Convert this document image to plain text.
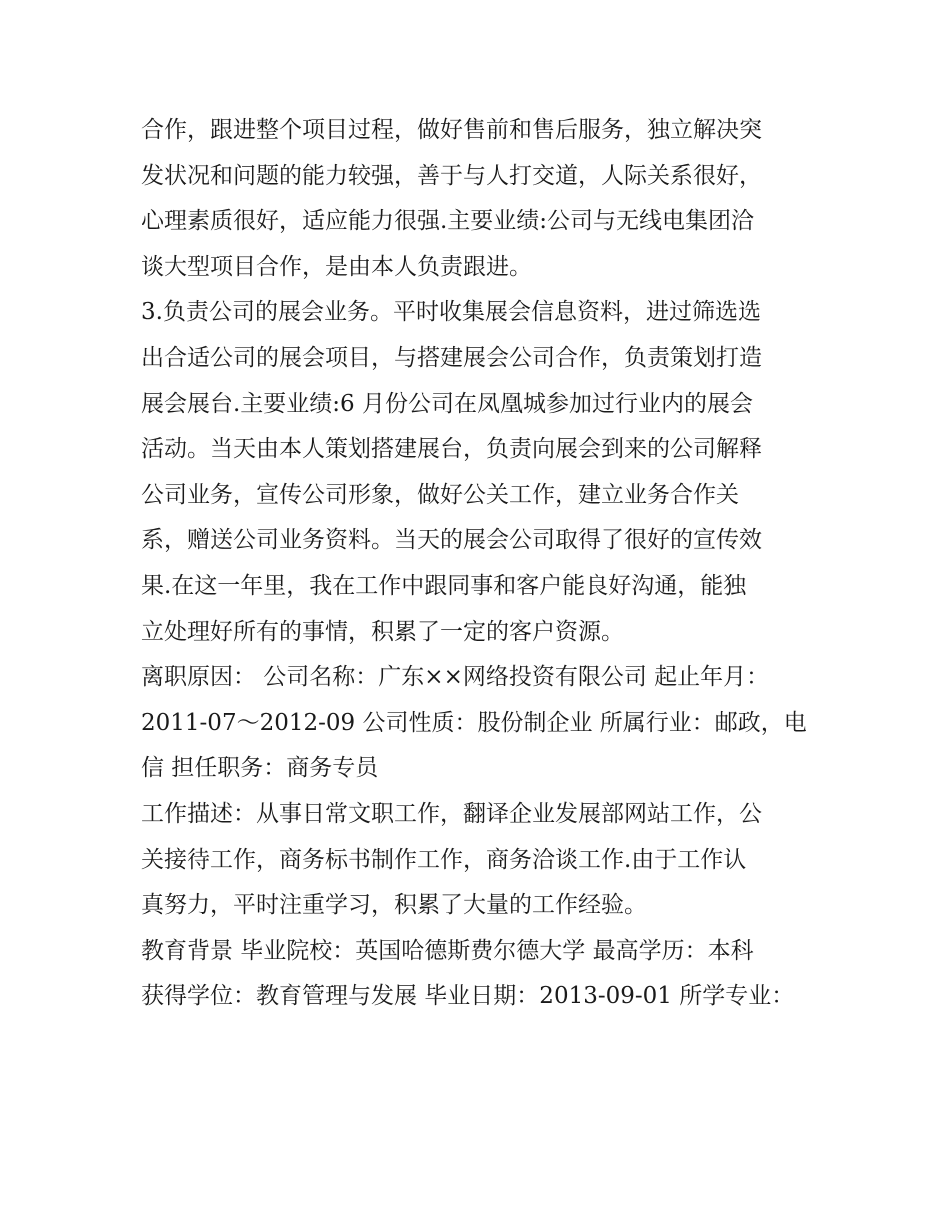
合作，跟进整个项目过程，做好售前和售后服务，独立解决突
发状况和问题的能力较强，善于与人打交道，人际关系很好，
心理素质很好，适应能力很强.主要业绩:公司与无线电集团洽
谈大型项目合作，是由本人负责跟进。
3.负责公司的展会业务。平时收集展会信息资料，进过筛选选
出合适公司的展会项目，与搭建展会公司合作，负责策划打造
展会展台.主要业绩:6 月份公司在凤凰城参加过行业内的展会
活动。当天由本人策划搭建展台，负责向展会到来的公司解释
公司业务，宣传公司形象，做好公关工作，建立业务合作关
系，赠送公司业务资料。当天的展会公司取得了很好的宣传效
果.在这一年里，我在工作中跟同事和客户能良好沟通，能独
立处理好所有的事情，积累了一定的客户资源。
离职原因： 公司名称：广东××网络投资有限公司 起止年月：
2011-07～2012-09 公司性质：股份制企业 所属行业：邮政，电
信 担任职务：商务专员
工作描述：从事日常文职工作，翻译企业发展部网站工作，公
关接待工作，商务标书制作工作，商务洽谈工作.由于工作认
真努力，平时注重学习，积累了大量的工作经验。
教育背景 毕业院校：英国哈德斯费尔德大学 最高学历：本科
获得学位：教育管理与发展 毕业日期：2013-09-01 所学专业：
